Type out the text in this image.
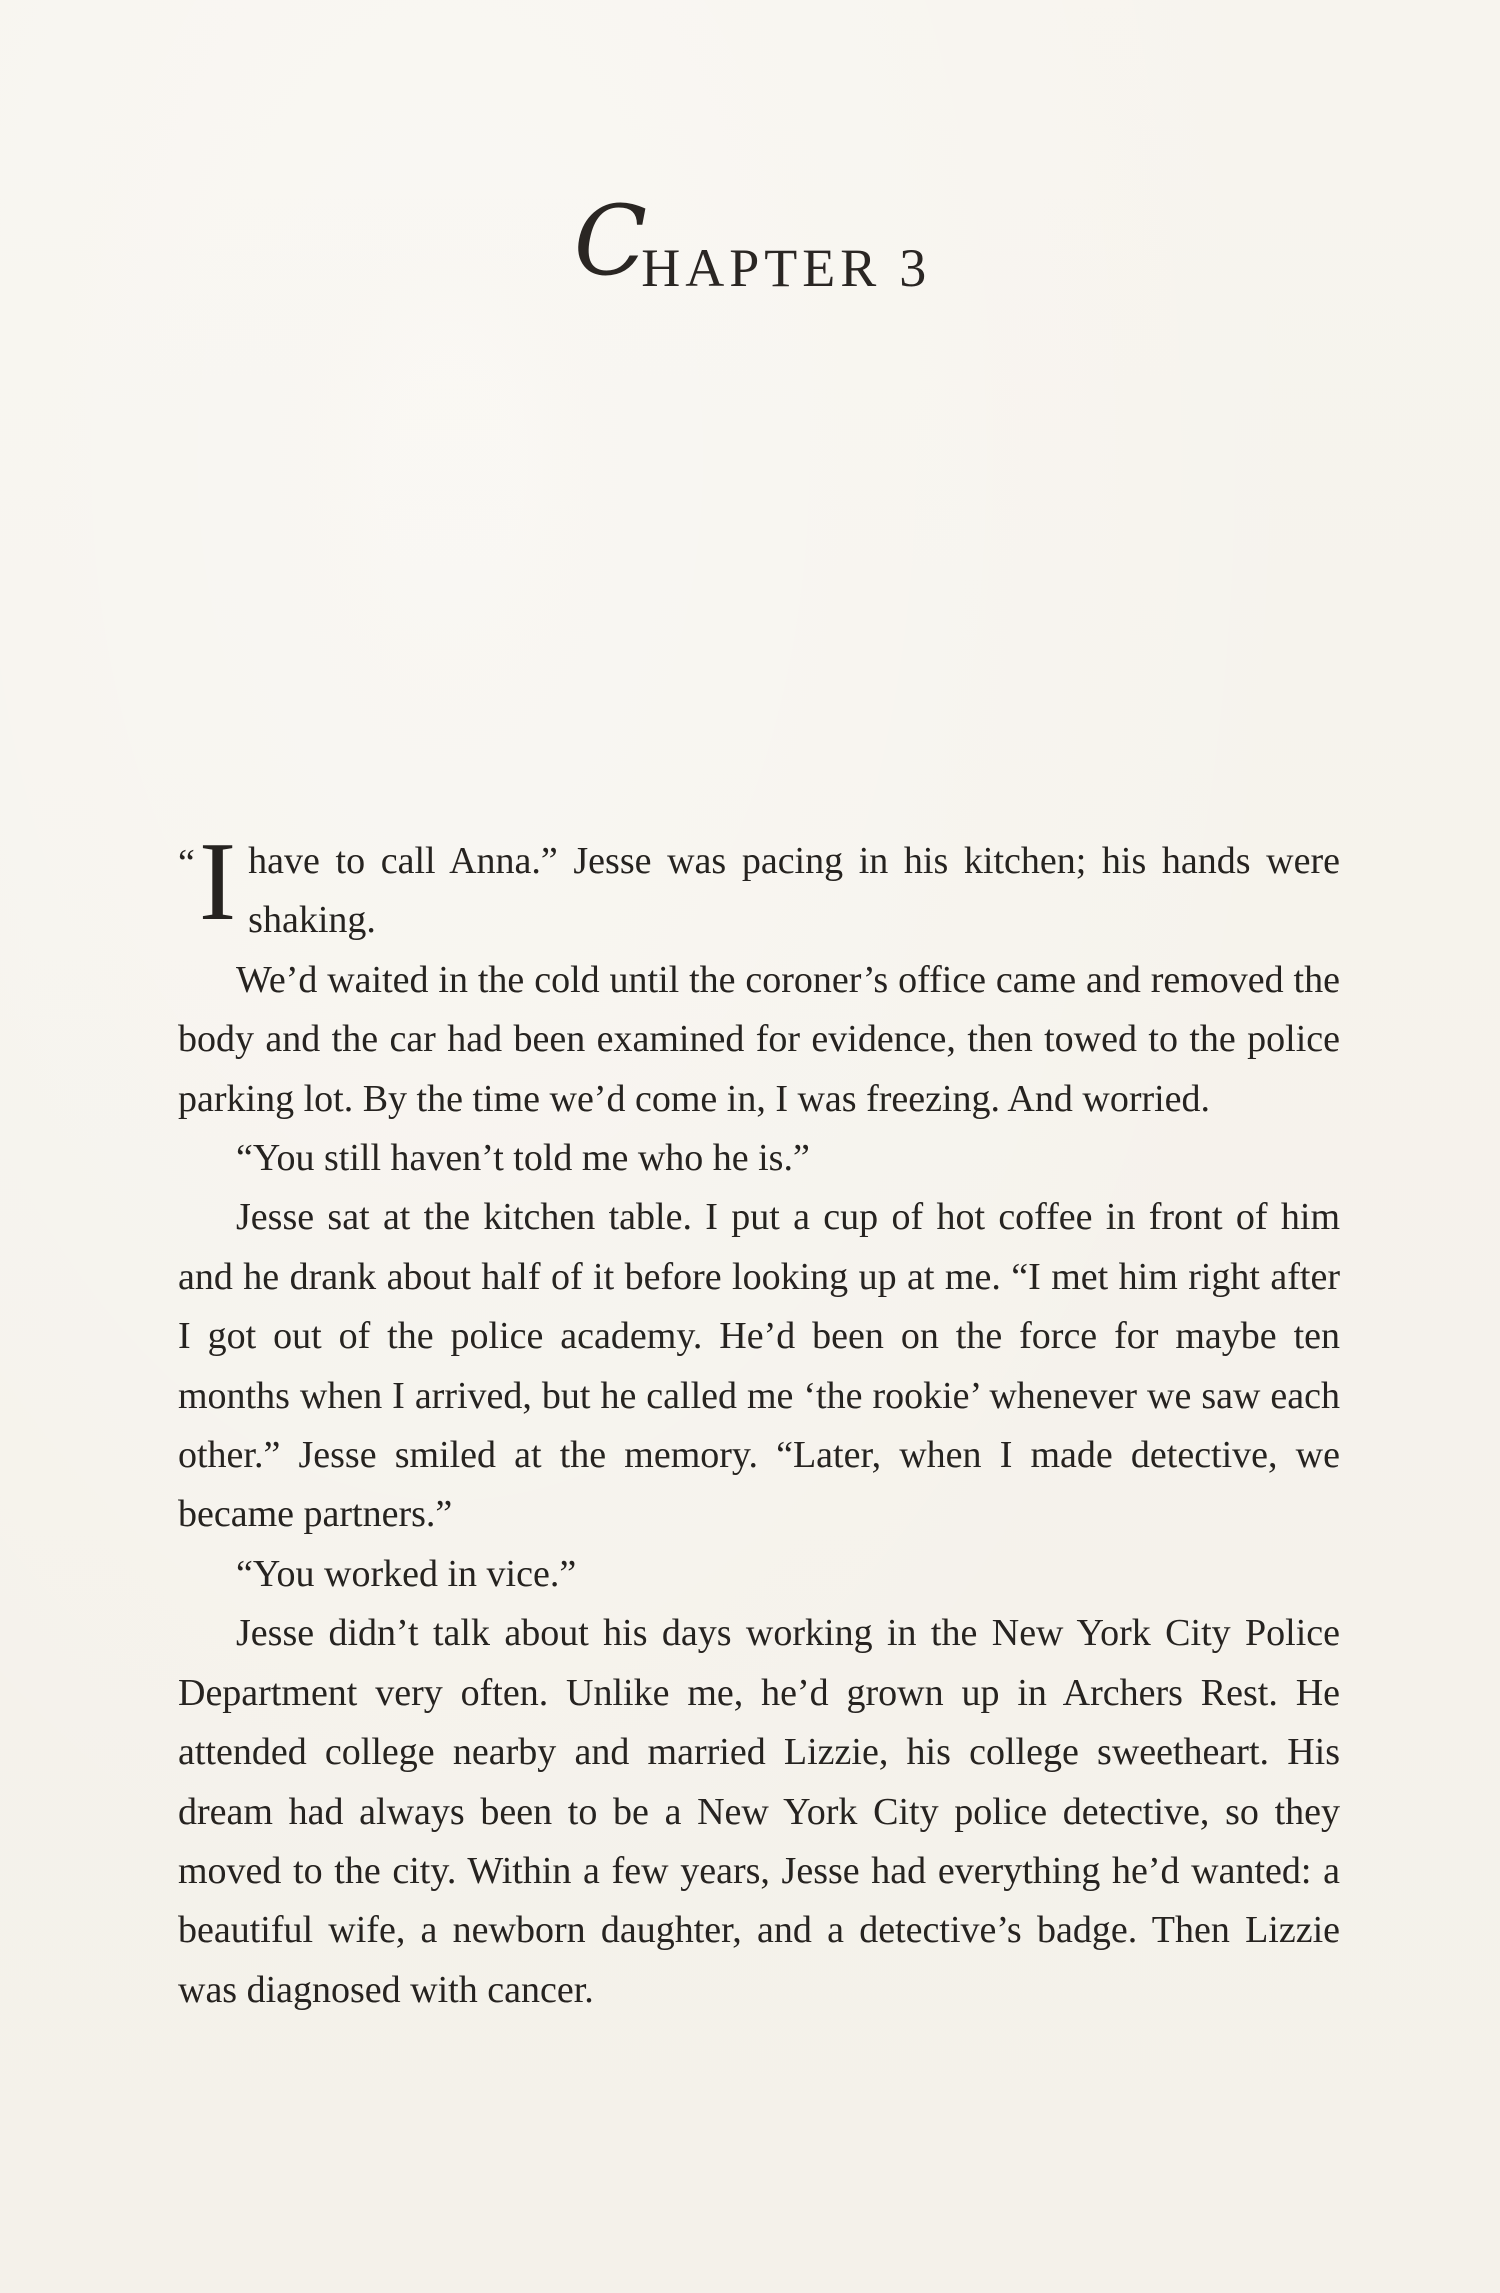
CHAPTER 3

“ I have to call Anna.” Jesse was pacing in his kitchen; his hands were shaking.

We’d waited in the cold until the coroner’s office came and removed the body and the car had been examined for evidence, then towed to the police parking lot. By the time we’d come in, I was freezing. And worried.

“You still haven’t told me who he is.”

Jesse sat at the kitchen table. I put a cup of hot coffee in front of him and he drank about half of it before looking up at me. “I met him right after I got out of the police academy. He’d been on the force for maybe ten months when I arrived, but he called me ‘the rookie’ whenever we saw each other.” Jesse smiled at the memory. “Later, when I made detective, we became partners.”

“You worked in vice.”

Jesse didn’t talk about his days working in the New York City Police Department very often. Unlike me, he’d grown up in Archers Rest. He attended college nearby and married Lizzie, his college sweetheart. His dream had always been to be a New York City police detective, so they moved to the city. Within a few years, Jesse had everything he’d wanted: a beautiful wife, a newborn daughter, and a detective’s badge. Then Lizzie was diagnosed with cancer.
